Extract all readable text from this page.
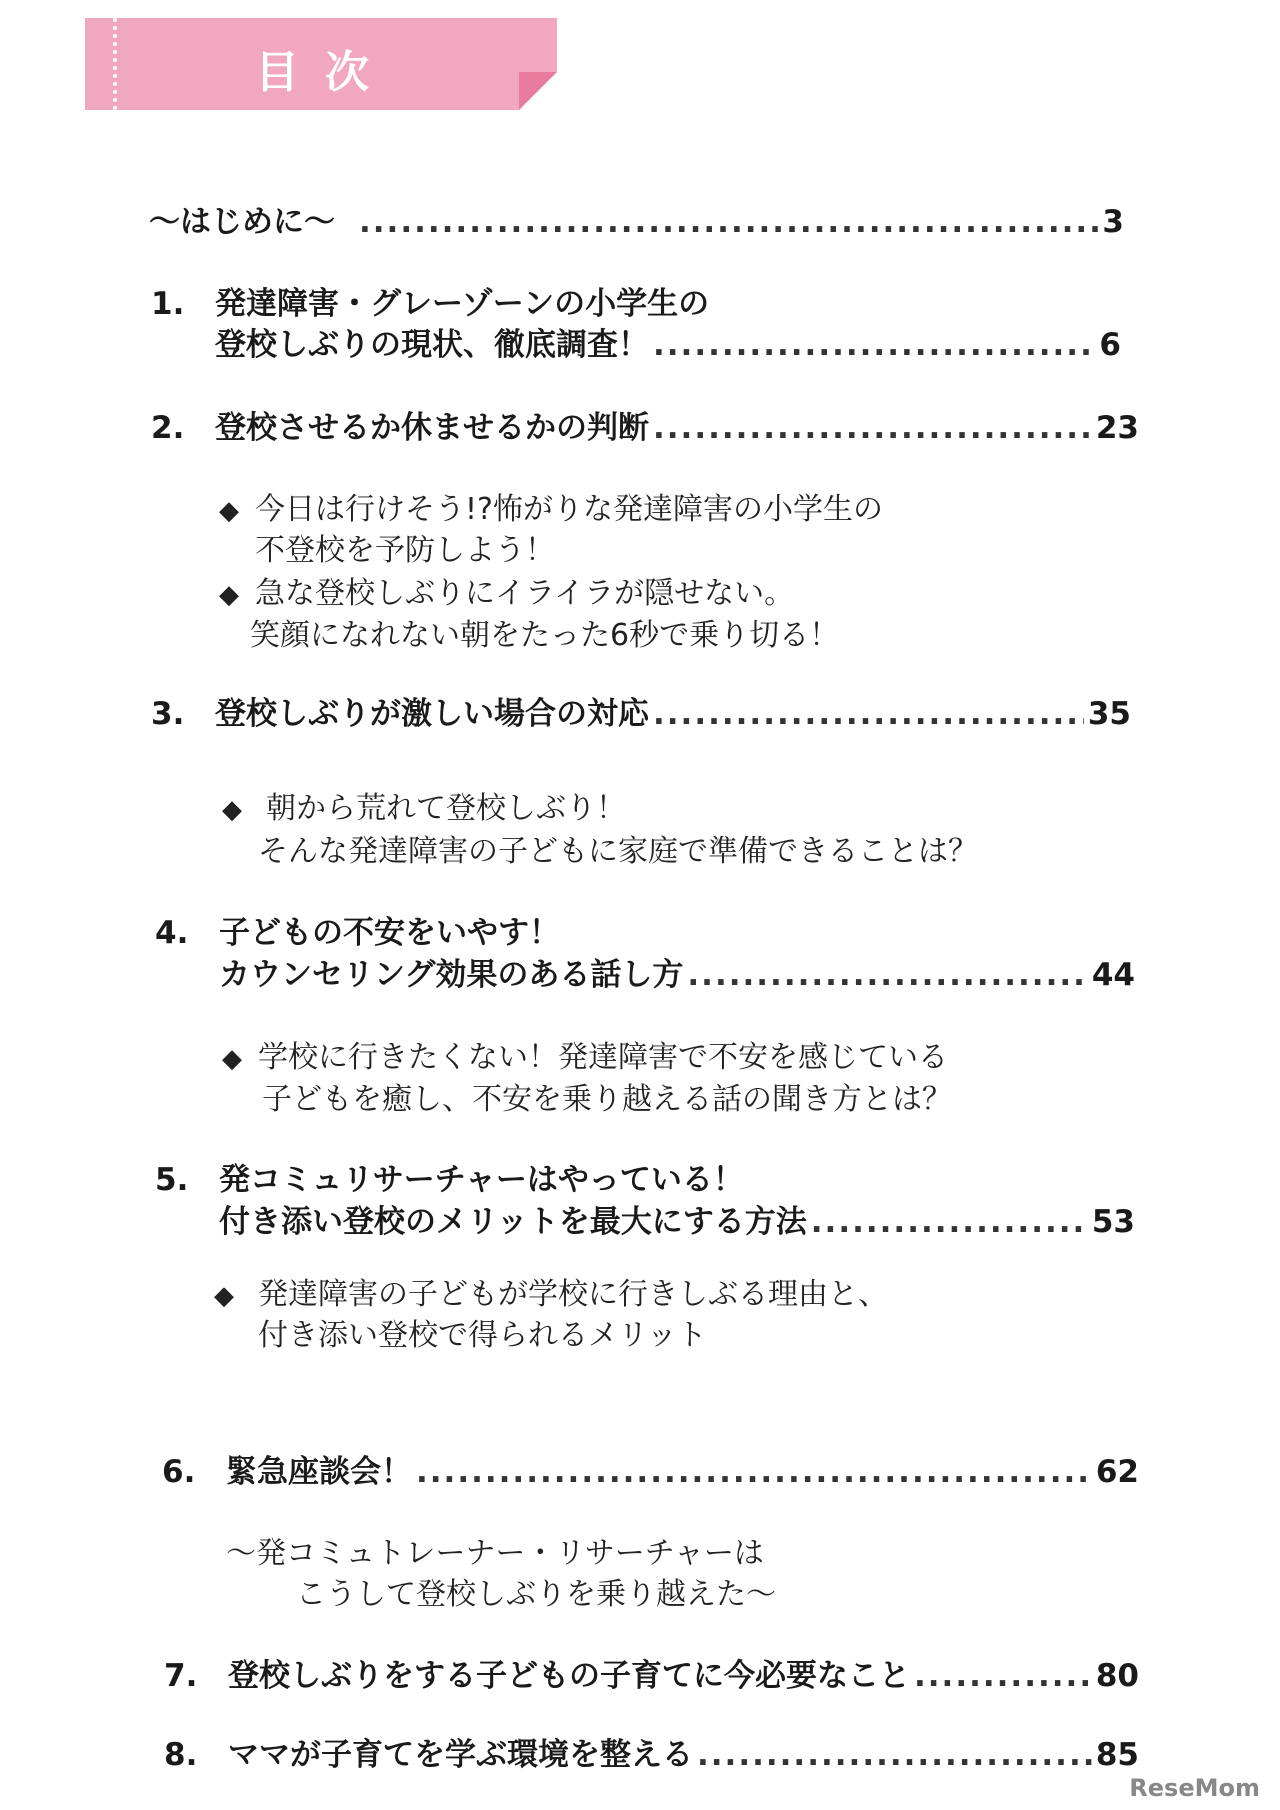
目次
〜はじめに〜 .....	3
1. 発達障害・グレーゾーンの小学生の
登校しぶりの現状、徹底調査！ .....	6
2. 登校させるか休ませるかの判断 .....	23
◆ 今日は行けそう!?怖がりな発達障害の小学生の
不登校を予防しよう！
◆ 急な登校しぶりにイライラが隠せない。
笑顔になれない朝をたった6秒で乗り切る！
3. 登校しぶりが激しい場合の対応 .....	35
◆ 朝から荒れて登校しぶり！
そんな発達障害の子どもに家庭で準備できることは？
4. 子どもの不安をいやす！
カウンセリング効果のある話し方 .....	44
◆ 学校に行きたくない！発達障害で不安を感じている
子どもを癒し、不安を乗り越える話の聞き方とは？
5. 発コミュリサーチャーはやっている！
付き添い登校のメリットを最大にする方法 .....	53
◆ 発達障害の子どもが学校に行きしぶる理由と、
付き添い登校で得られるメリット
6. 緊急座談会！ .....	62
〜発コミュトレーナー・リサーチャーは
こうして登校しぶりを乗り越えた〜
7. 登校しぶりをする子どもの子育てに今必要なこと .....	80
8. ママが子育てを学ぶ環境を整える .....	85
ReseMom
